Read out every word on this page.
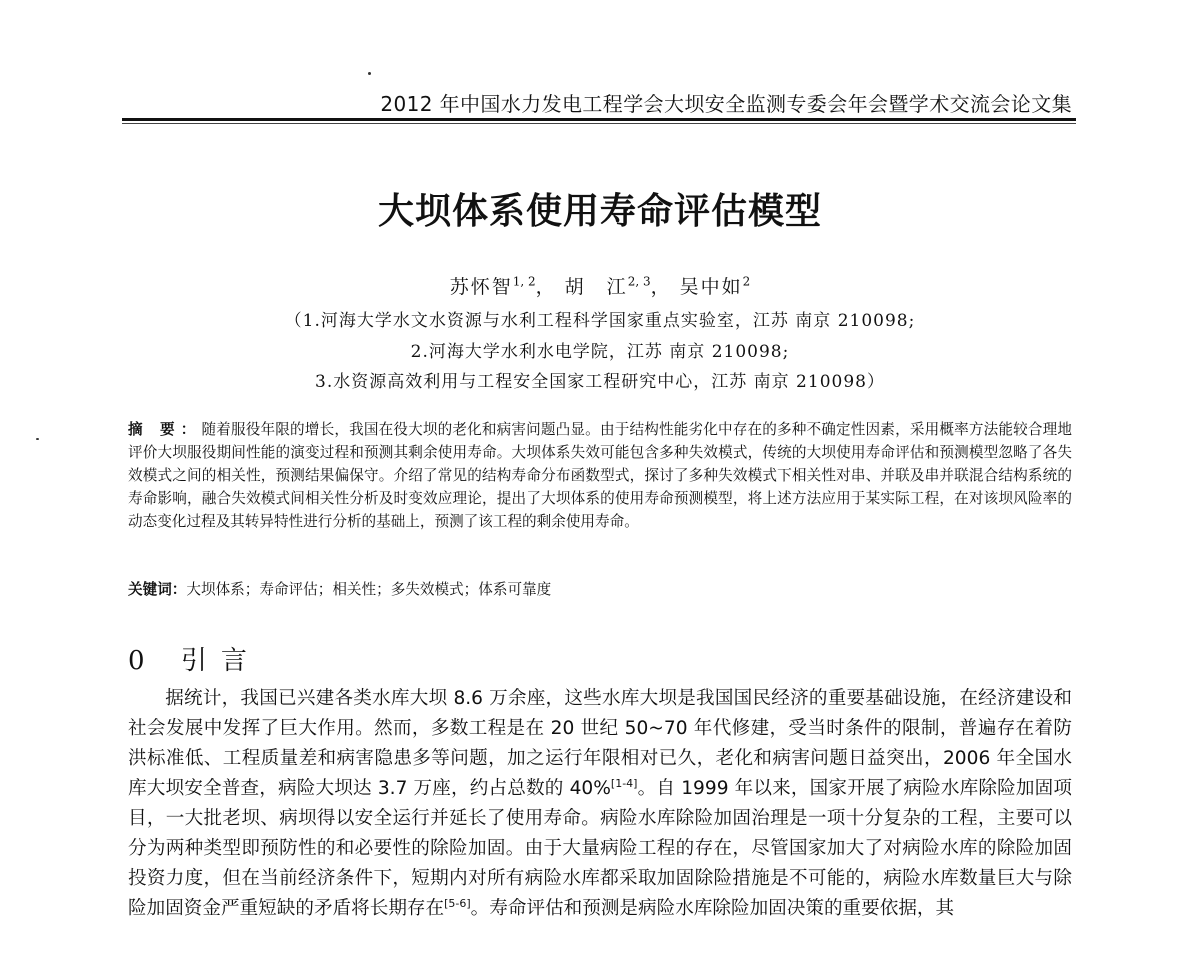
2012 年中国水力发电工程学会大坝安全监测专委会年会暨学术交流会论文集
大坝体系使用寿命评估模型
苏怀智$^{1, 2}$， 胡　江$^{2, 3}$， 吴中如$^2$
（1.河海大学水文水资源与水利工程科学国家重点实验室，江苏 南京 210098;
2.河海大学水利水电学院，江苏 南京 210098;
3.水资源高效利用与工程安全国家工程研究中心，江苏 南京 210098）

摘 要：随着服役年限的增长，我国在役大坝的老化和病害问题凸显。由于结构性能劣化中存在的多种不确定性因素，采用概率方法能较合理地评价大坝服役期间性能的演变过程和预测其剩余使用寿命。大坝体系失效可能包含多种失效模式，传统的大坝使用寿命评估和预测模型忽略了各失效模式之间的相关性，预测结果偏保守。介绍了常见的结构寿命分布函数型式，探讨了多种失效模式下相关性对串、并联及串并联混合结构系统的寿命影响，融合失效模式间相关性分析及时变效应理论，提出了大坝体系的使用寿命预测模型，将上述方法应用于某实际工程，在对该坝风险率的动态变化过程及其转异特性进行分析的基础上，预测了该工程的剩余使用寿命。

关键词：大坝体系；寿命评估；相关性；多失效模式；体系可靠度
0 引言

据统计，我国已兴建各类水库大坝 8.6 万余座，这些水库大坝是我国国民经济的重要基础设施，在经济建设和社会发展中发挥了巨大作用。然而，多数工程是在 20 世纪 50~70 年代修建，受当时条件的限制，普遍存在着防洪标准低、工程质量差和病害隐患多等问题，加之运行年限相对已久，老化和病害问题日益突出，2006 年全国水库大坝安全普查，病险大坝达 3.7 万座，约占总数的 40%[1-4]。自 1999 年以来，国家开展了病险水库除险加固项目，一大批老坝、病坝得以安全运行并延长了使用寿命。病险水库除险加固治理是一项十分复杂的工程，主要可以分为两种类型即预防性的和必要性的除险加固。由于大量病险工程的存在，尽管国家加大了对病险水库的除险加固投资力度，但在当前经济条件下，短期内对所有病险水库都采取加固除险措施是不可能的，病险水库数量巨大与除险加固资金严重短缺的矛盾将长期存在[5-6]。寿命评估和预测是病险水库除险加固决策的重要依据，其
